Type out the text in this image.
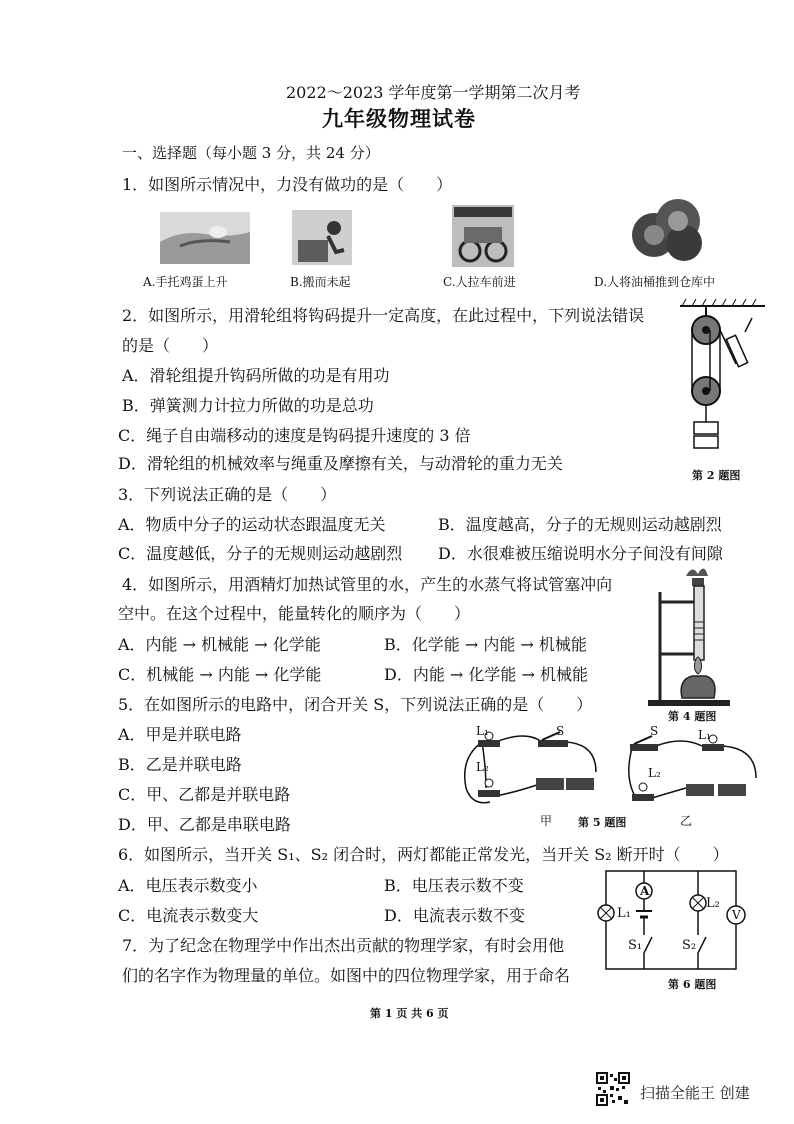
2022～2023 学年度第一学期第二次月考
九年级物理试卷
一、选择题（每小题 3 分，共 24 分）
1．如图所示情况中，力没有做功的是（　　）
A.手托鸡蛋上升	B.搬而未起	C.人拉车前进	D.人将油桶推到仓库中
2．如图所示，用滑轮组将钩码提升一定高度，在此过程中，下列说法错误
的是（　　）
A．滑轮组提升钩码所做的功是有用功
B．弹簧测力计拉力所做的功是总功
C．绳子自由端移动的速度是钩码提升速度的 3 倍
D．滑轮组的机械效率与绳重及摩擦有关，与动滑轮的重力无关
第 2 题图
3．下列说法正确的是（　　）
A．物质中分子的运动状态跟温度无关	B．温度越高，分子的无规则运动越剧烈
C．温度越低，分子的无规则运动越剧烈 D．水很难被压缩说明水分子间没有间隙
4．如图所示，用酒精灯加热试管里的水，产生的水蒸气将试管塞冲向
空中。在这个过程中，能量转化的顺序为（　　）
A．内能 → 机械能 → 化学能	B．化学能 → 内能 → 机械能
C．机械能 → 内能 → 化学能	D．内能 → 化学能 → 机械能
第 4 题图
5．在如图所示的电路中，闭合开关 S，下列说法正确的是（　　）
A．甲是并联电路
B．乙是并联电路
C．甲、乙都是并联电路
D．甲、乙都是串联电路
L₁
L₂
S
甲
S	L₁
L₂
乙
第 5 题图
6．如图所示，当开关 S₁、S₂ 闭合时，两灯都能正常发光，当开关 S₂ 断开时（　　）
A．电压表示数变小	B．电压表示数不变
C．电流表示数变大	D．电流表示数不变
A
V
L₁
L₂
S₁	S₂
第 6 题图
7．为了纪念在物理学中作出杰出贡献的物理学家，有时会用他
们的名字作为物理量的单位。如图中的四位物理学家，用于命名
第 1 页 共 6 页
扫描全能王 创建
